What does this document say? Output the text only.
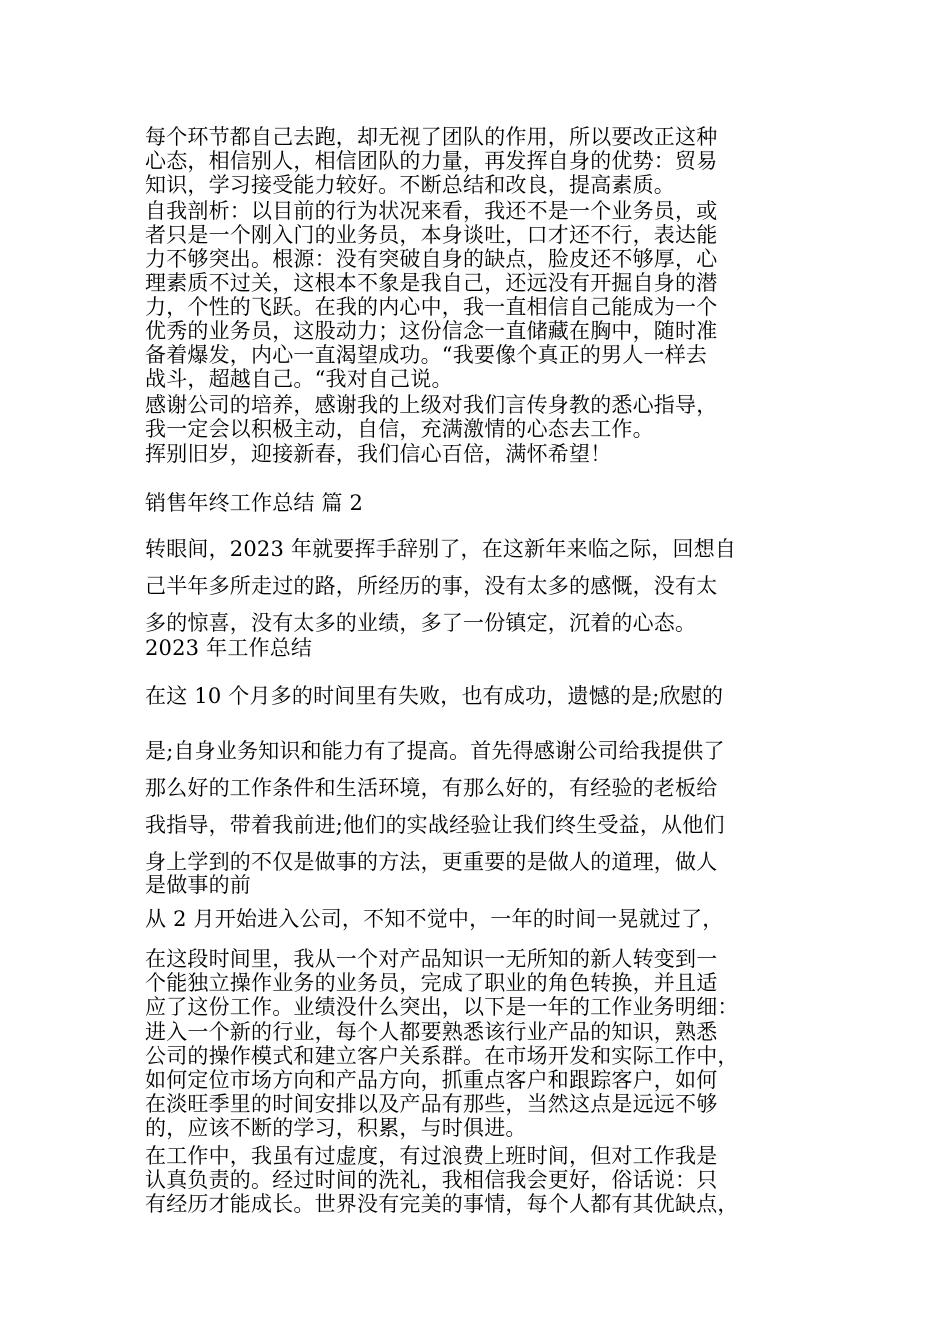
每个环节都自己去跑，却无视了团队的作用，所以要改正这种
心态，相信别人，相信团队的力量，再发挥自身的优势：贸易
知识，学习接受能力较好。不断总结和改良，提高素质。
自我剖析：以目前的行为状况来看，我还不是一个业务员，或
者只是一个刚入门的业务员，本身谈吐，口才还不行，表达能
力不够突出。根源：没有突破自身的缺点，脸皮还不够厚，心
理素质不过关，这根本不象是我自己，还远没有开掘自身的潜
力，个性的飞跃。在我的内心中，我一直相信自己能成为一个
优秀的业务员，这股动力；这份信念一直储藏在胸中，随时准
备着爆发，内心一直渴望成功。“我要像个真正的男人一样去
战斗，超越自己。“我对自己说。
感谢公司的培养，感谢我的上级对我们言传身教的悉心指导，
我一定会以积极主动，自信，充满激情的心态去工作。
挥别旧岁，迎接新春，我们信心百倍，满怀希望！
销售年终工作总结 篇 2
转眼间，2023 年就要挥手辞别了，在这新年来临之际，回想自
己半年多所走过的路，所经历的事，没有太多的感慨，没有太
多的惊喜，没有太多的业绩，多了一份镇定，沉着的心态。
2023 年工作总结
在这 10 个月多的时间里有失败，也有成功，遗憾的是;欣慰的
是;自身业务知识和能力有了提高。首先得感谢公司给我提供了
那么好的工作条件和生活环境，有那么好的，有经验的老板给
我指导，带着我前进;他们的实战经验让我们终生受益，从他们
身上学到的不仅是做事的方法，更重要的是做人的道理，做人
是做事的前
从 2 月开始进入公司，不知不觉中，一年的时间一晃就过了，
在这段时间里，我从一个对产品知识一无所知的新人转变到一
个能独立操作业务的业务员，完成了职业的角色转换，并且适
应了这份工作。业绩没什么突出，以下是一年的工作业务明细：
进入一个新的行业，每个人都要熟悉该行业产品的知识，熟悉
公司的操作模式和建立客户关系群。在市场开发和实际工作中，
如何定位市场方向和产品方向，抓重点客户和跟踪客户，如何
在淡旺季里的时间安排以及产品有那些，当然这点是远远不够
的，应该不断的学习，积累，与时俱进。
在工作中，我虽有过虚度，有过浪费上班时间，但对工作我是
认真负责的。经过时间的洗礼，我相信我会更好，俗话说：只
有经历才能成长。世界没有完美的事情，每个人都有其优缺点，
